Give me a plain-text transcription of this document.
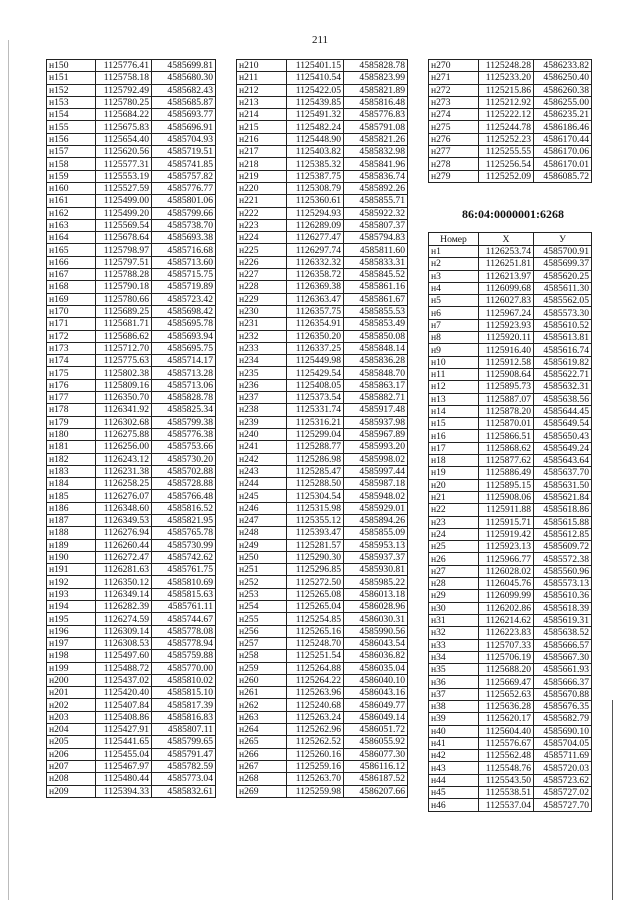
211
н150	1125776.41	4585699.81
н151	1125758.18	4585680.30
н152	1125792.49	4585682.43
н153	1125780.25	4585685.87
н154	1125684.22	4585693.77
н155	1125675.83	4585696.91
н156	1125654.40	4585704.93
н157	1125620.56	4585719.51
н158	1125577.31	4585741.85
н159	1125553.19	4585757.82
н160	1125527.59	4585776.77
н161	1125499.00	4585801.06
н162	1125499.20	4585799.66
н163	1125569.54	4585738.70
н164	1125678.64	4585693.38
н165	1125798.97	4585716.68
н166	1125797.51	4585713.60
н167	1125788.28	4585715.75
н168	1125790.18	4585719.89
н169	1125780.66	4585723.42
н170	1125689.25	4585698.42
н171	1125681.71	4585695.78
н172	1125686.62	4585693.94
н173	1125712.70	4585695.75
н174	1125775.63	4585714.17
н175	1125802.38	4585713.28
н176	1125809.16	4585713.06
н177	1126350.70	4585828.78
н178	1126341.92	4585825.34
н179	1126302.68	4585799.38
н180	1126275.88	4585776.38
н181	1126256.00	4585753.66
н182	1126243.12	4585730.20
н183	1126231.38	4585702.88
н184	1126258.25	4585728.88
н185	1126276.07	4585766.48
н186	1126348.60	4585816.52
н187	1126349.53	4585821.95
н188	1126276.94	4585765.78
н189	1126260.44	4585730.99
н190	1126272.47	4585742.62
н191	1126281.63	4585761.75
н192	1126350.12	4585810.69
н193	1126349.14	4585815.63
н194	1126282.39	4585761.11
н195	1126274.59	4585744.67
н196	1126309.14	4585778.08
н197	1126308.53	4585778.94
н198	1125497.60	4585759.88
н199	1125488.72	4585770.00
н200	1125437.02	4585810.02
н201	1125420.40	4585815.10
н202	1125407.84	4585817.39
н203	1125408.86	4585816.83
н204	1125427.91	4585807.11
н205	1125441.65	4585799.65
н206	1125455.04	4585791.47
н207	1125467.97	4585782.59
н208	1125480.44	4585773.04
н209	1125394.33	4585832.61
н210	1125401.15	4585828.78
н211	1125410.54	4585823.99
н212	1125422.05	4585821.89
н213	1125439.85	4585816.48
н214	1125491.32	4585776.83
н215	1125482.24	4585791.08
н216	1125448.90	4585821.26
н217	1125403.82	4585832.98
н218	1125385.32	4585841.96
н219	1125387.75	4585836.74
н220	1125308.79	4585892.26
н221	1125360.61	4585855.71
н222	1125294.93	4585922.32
н223	1126289.09	4585807.37
н224	1126277.47	4585794.83
н225	1126297.74	4585811.60
н226	1126332.32	4585833.31
н227	1126358.72	4585845.52
н228	1126369.38	4585861.16
н229	1126363.47	4585861.67
н230	1126357.75	4585855.53
н231	1126354.91	4585853.49
н232	1126350.20	4585850.08
н233	1126337.25	4585848.14
н234	1125449.98	4585836.28
н235	1125429.54	4585848.70
н236	1125408.05	4585863.17
н237	1125373.54	4585882.71
н238	1125331.74	4585917.48
н239	1125316.21	4585937.98
н240	1125299.04	4585967.89
н241	1125288.77	4585993.20
н242	1125286.98	4585998.02
н243	1125285.47	4585997.44
н244	1125288.50	4585987.18
н245	1125304.54	4585948.02
н246	1125315.98	4585929.01
н247	1125355.12	4585894.26
н248	1125393.47	4585855.09
н249	1125281.57	4585953.13
н250	1125290.30	4585937.37
н251	1125296.85	4585930.81
н252	1125272.50	4585985.22
н253	1125265.08	4586013.18
н254	1125265.04	4586028.96
н255	1125254.85	4586030.31
н256	1125265.16	4585990.56
н257	1125248.70	4586043.54
н258	1125251.54	4586036.82
н259	1125264.88	4586035.04
н260	1125264.22	4586040.10
н261	1125263.96	4586043.16
н262	1125240.68	4586049.77
н263	1125263.24	4586049.14
н264	1125262.96	4586051.72
н265	1125262.52	4586055.92
н266	1125260.16	4586077.30
н267	1125259.16	4586116.12
н268	1125263.70	4586187.52
н269	1125259.98	4586207.66
н270	1125248.28	4586233.82
н271	1125233.20	4586250.40
н272	1125215.86	4586260.38
н273	1125212.92	4586255.00
н274	1125222.12	4586235.21
н275	1125244.78	4586186.46
н276	1125252.23	4586170.44
н277	1125255.55	4586170.06
н278	1125256.54	4586170.01
н279	1125252.09	4586085.72
86:04:0000001:6268
Номер	X	У
н1	1126253.74	4585700.91
н2	1126251.81	4585699.37
н3	1126213.97	4585620.25
н4	1126099.68	4585611.30
н5	1126027.83	4585562.05
н6	1125967.24	4585573.30
н7	1125923.93	4585610.52
н8	1125920.11	4585613.81
н9	1125916.40	4585616.74
н10	1125912.58	4585619.82
н11	1125908.64	4585622.71
н12	1125895.73	4585632.31
н13	1125887.07	4585638.56
н14	1125878.20	4585644.45
н15	1125870.01	4585649.54
н16	1125866.51	4585650.43
н17	1125868.62	4585649.24
н18	1125877.62	4585643.64
н19	1125886.49	4585637.70
н20	1125895.15	4585631.50
н21	1125908.06	4585621.84
н22	1125911.88	4585618.86
н23	1125915.71	4585615.88
н24	1125919.42	4585612.85
н25	1125923.13	4585609.72
н26	1125966.77	4585572.38
н27	1126028.02	4585560.96
н28	1126045.76	4585573.13
н29	1126099.99	4585610.36
н30	1126202.86	4585618.39
н31	1126214.62	4585619.31
н32	1126223.83	4585638.52
н33	1125707.33	4585666.57
н34	1125706.19	4585667.30
н35	1125688.20	4585661.93
н36	1125669.47	4585666.37
н37	1125652.63	4585670.88
н38	1125636.28	4585676.35
н39	1125620.17	4585682.79
н40	1125604.40	4585690.10
н41	1125576.67	4585704.05
н42	1125562.48	4585711.69
н43	1125548.76	4585720.03
н44	1125543.50	4585723.62
н45	1125538.51	4585727.02
н46	1125537.04	4585727.70
